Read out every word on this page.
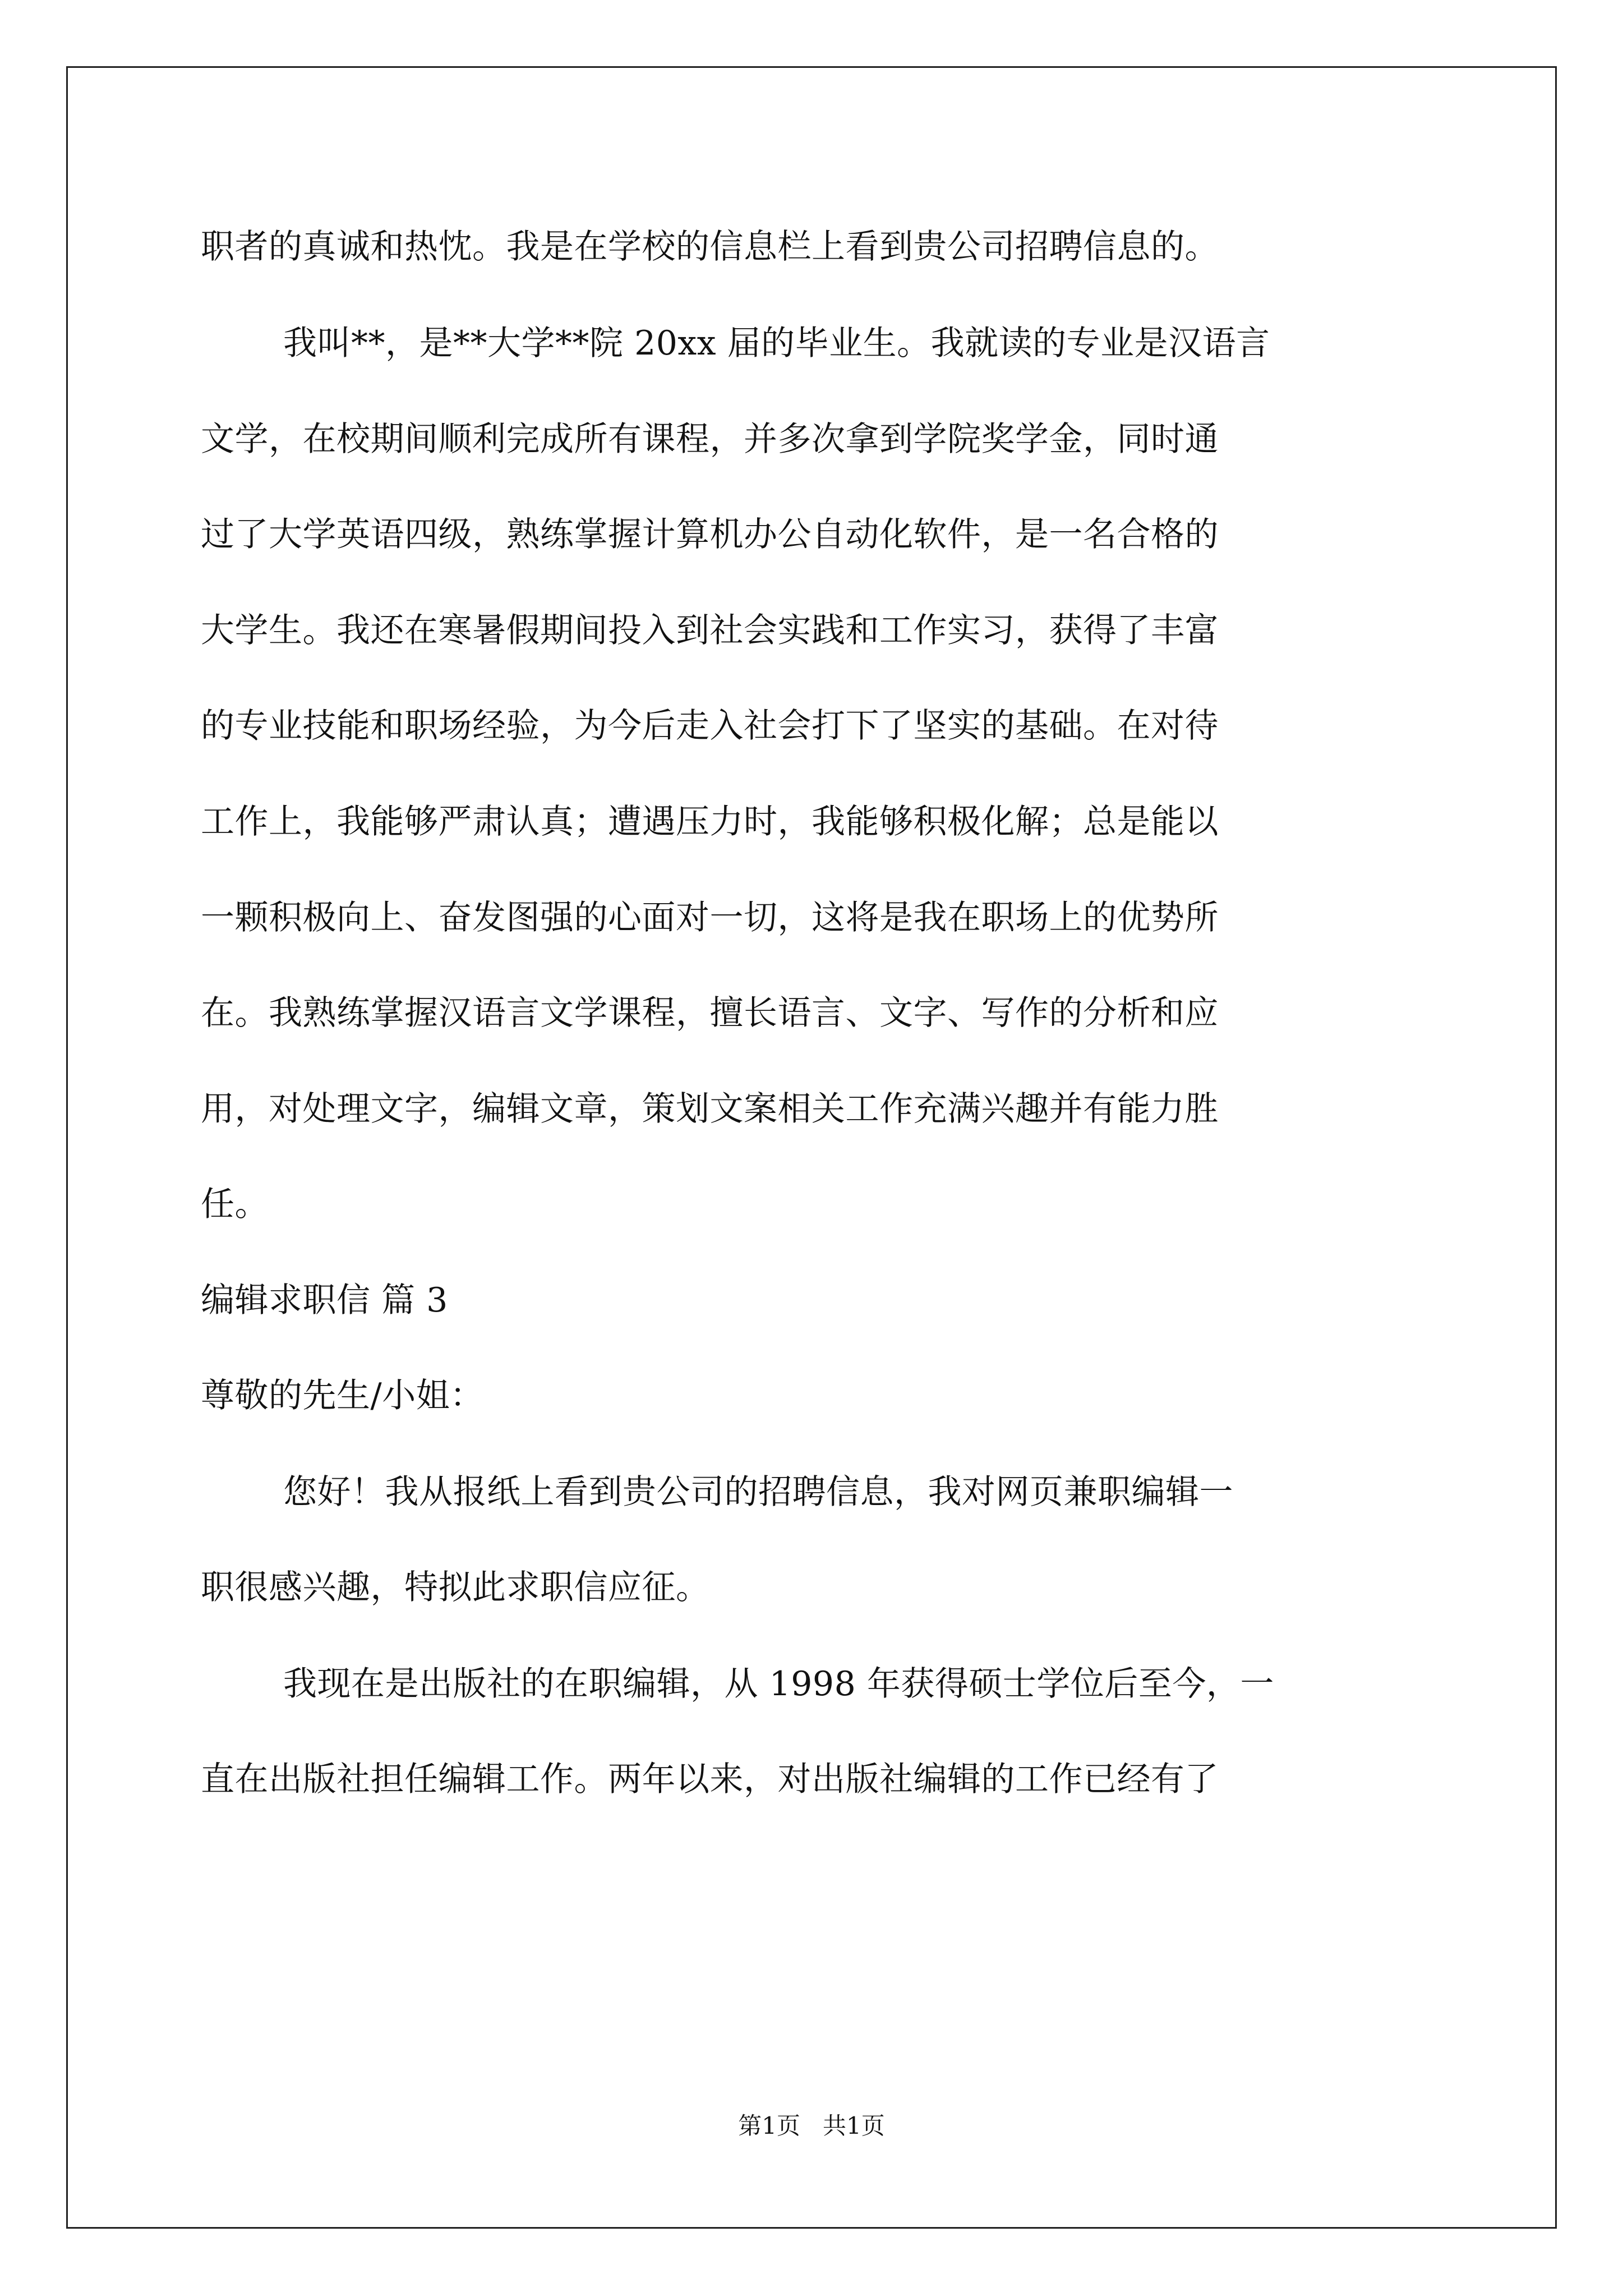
职者的真诚和热忱。我是在学校的信息栏上看到贵公司招聘信息的。

我叫**，是**大学**院 20xx 届的毕业生。我就读的专业是汉语言

文学，在校期间顺利完成所有课程，并多次拿到学院奖学金，同时通

过了大学英语四级，熟练掌握计算机办公自动化软件，是一名合格的

大学生。我还在寒暑假期间投入到社会实践和工作实习，获得了丰富

的专业技能和职场经验，为今后走入社会打下了坚实的基础。在对待

工作上，我能够严肃认真；遭遇压力时，我能够积极化解；总是能以

一颗积极向上、奋发图强的心面对一切，这将是我在职场上的优势所

在。我熟练掌握汉语言文学课程，擅长语言、文字、写作的分析和应

用，对处理文字，编辑文章，策划文案相关工作充满兴趣并有能力胜

任。

编辑求职信 篇 3

尊敬的先生/小姐：

您好！我从报纸上看到贵公司的招聘信息，我对网页兼职编辑一

职很感兴趣，特拟此求职信应征。

我现在是出版社的在职编辑，从 1998 年获得硕士学位后至今，一

直在出版社担任编辑工作。两年以来，对出版社编辑的工作已经有了

第1页   共1页
